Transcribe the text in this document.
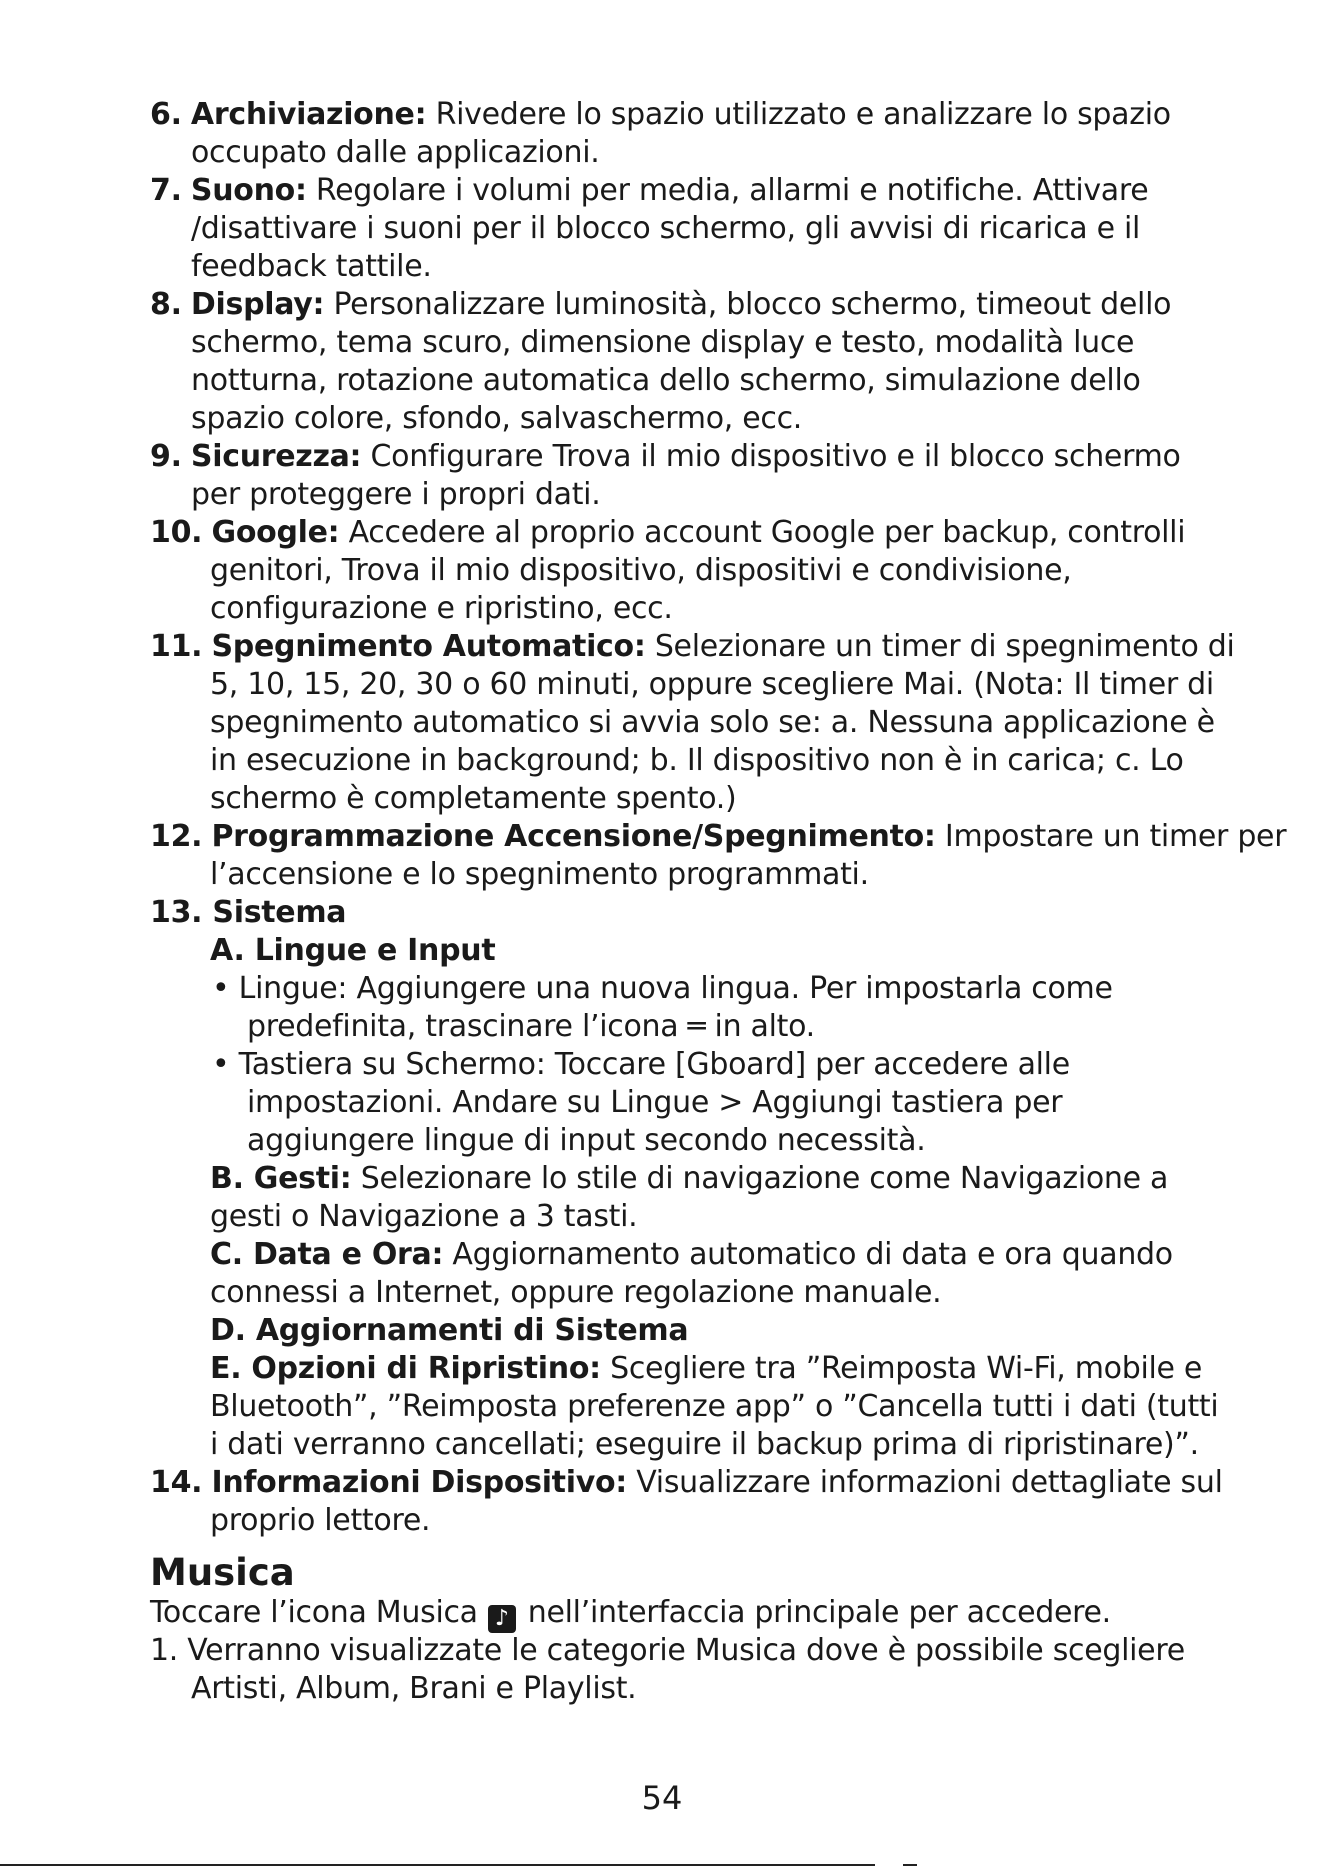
6. Archiviazione: Rivedere lo spazio utilizzato e analizzare lo spazio
occupato dalle applicazioni.
7. Suono: Regolare i volumi per media, allarmi e notifiche. Attivare
/disattivare i suoni per il blocco schermo, gli avvisi di ricarica e il
feedback tattile.
8. Display: Personalizzare luminosità, blocco schermo, timeout dello
schermo, tema scuro, dimensione display e testo, modalità luce
notturna, rotazione automatica dello schermo, simulazione dello
spazio colore, sfondo, salvaschermo, ecc.
9. Sicurezza: Configurare Trova il mio dispositivo e il blocco schermo
per proteggere i propri dati.
10. Google: Accedere al proprio account Google per backup, controlli
genitori, Trova il mio dispositivo, dispositivi e condivisione,
configurazione e ripristino, ecc.
11. Spegnimento Automatico: Selezionare un timer di spegnimento di
5, 10, 15, 20, 30 o 60 minuti, oppure scegliere Mai. (Nota: Il timer di
spegnimento automatico si avvia solo se: a. Nessuna applicazione è
in esecuzione in background; b. Il dispositivo non è in carica; c. Lo
schermo è completamente spento.)
12. Programmazione Accensione/Spegnimento: Impostare un timer per
l’accensione e lo spegnimento programmati.
13. Sistema
A. Lingue e Input
• Lingue: Aggiungere una nuova lingua. Per impostarla come
predefinita, trascinare l’icona ═ in alto.
• Tastiera su Schermo: Toccare [Gboard] per accedere alle
impostazioni. Andare su Lingue > Aggiungi tastiera per
aggiungere lingue di input secondo necessità.
B. Gesti: Selezionare lo stile di navigazione come Navigazione a
gesti o Navigazione a 3 tasti.
C. Data e Ora: Aggiornamento automatico di data e ora quando
connessi a Internet, oppure regolazione manuale.
D. Aggiornamenti di Sistema
E. Opzioni di Ripristino: Scegliere tra ”Reimposta Wi-Fi, mobile e
Bluetooth”, ”Reimposta preferenze app” o ”Cancella tutti i dati (tutti
i dati verranno cancellati; eseguire il backup prima di ripristinare)”.
14. Informazioni Dispositivo: Visualizzare informazioni dettagliate sul
proprio lettore.
Musica
Toccare l’icona Musica ♪ nell’interfaccia principale per accedere.
1. Verranno visualizzate le categorie Musica dove è possibile scegliere
Artisti, Album, Brani e Playlist.
54
